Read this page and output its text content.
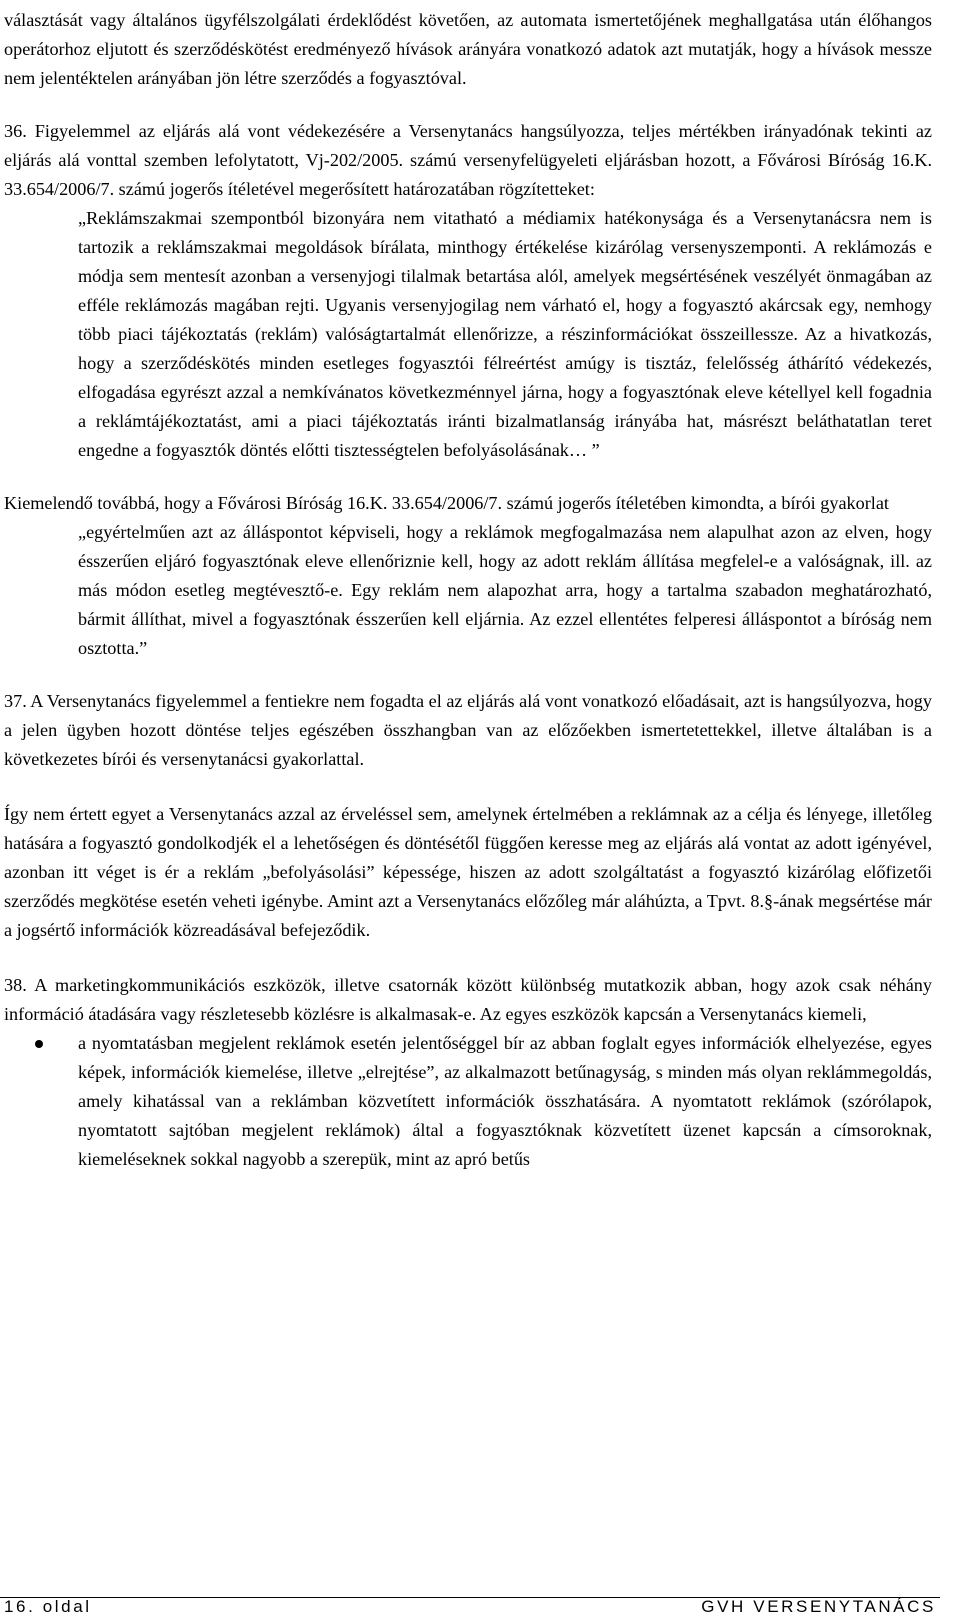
választását vagy általános ügyfélszolgálati érdeklődést követően, az automata ismertetőjének meghallgatása után élőhangos operátorhoz eljutott és szerződéskötést eredményező hívások arányára vonatkozó adatok azt mutatják, hogy a hívások messze nem jelentéktelen arányában jön létre szerződés a fogyasztóval.

36. Figyelemmel az eljárás alá vont védekezésére a Versenytanács hangsúlyozza, teljes mértékben irányadónak tekinti az eljárás alá vonttal szemben lefolytatott, Vj-202/2005. számú versenyfelügyeleti eljárásban hozott, a Fővárosi Bíróság 16.K. 33.654/2006/7. számú jogerős ítéletével megerősített határozatában rögzítetteket:

„Reklámszakmai szempontból bizonyára nem vitatható a médiamix hatékonysága és a Versenytanácsra nem is tartozik a reklámszakmai megoldások bírálata, minthogy értékelése kizárólag versenyszemponti. A reklámozás e módja sem mentesít azonban a versenyjogi tilalmak betartása alól, amelyek megsértésének veszélyét önmagában az efféle reklámozás magában rejti. Ugyanis versenyjogilag nem várható el, hogy a fogyasztó akárcsak egy, nemhogy több piaci tájékoztatás (reklám) valóságtartalmát ellenőrizze, a részinformációkat összeillessze. Az a hivatkozás, hogy a szerződéskötés minden esetleges fogyasztói félreértést amúgy is tisztáz, felelősség áthárító védekezés, elfogadása egyrészt azzal a nemkívánatos következménnyel járna, hogy a fogyasztónak eleve kétellyel kell fogadnia a reklámtájékoztatást, ami a piaci tájékoztatás iránti bizalmatlanság irányába hat, másrészt beláthatatlan teret engedne a fogyasztók döntés előtti tisztességtelen befolyásolásának… ”

Kiemelendő továbbá, hogy a Fővárosi Bíróság 16.K. 33.654/2006/7. számú jogerős ítéletében kimondta, a bírói gyakorlat

„egyértelműen azt az álláspontot képviseli, hogy a reklámok megfogalmazása nem alapulhat azon az elven, hogy ésszerűen eljáró fogyasztónak eleve ellenőriznie kell, hogy az adott reklám állítása megfelel-e a valóságnak, ill. az más módon esetleg megtévesztő-e. Egy reklám nem alapozhat arra, hogy a tartalma szabadon meghatározható, bármit állíthat, mivel a fogyasztónak ésszerűen kell eljárnia. Az ezzel ellentétes felperesi álláspontot a bíróság nem osztotta.”

37. A Versenytanács figyelemmel a fentiekre nem fogadta el az eljárás alá vont vonatkozó előadásait, azt is hangsúlyozva, hogy a jelen ügyben hozott döntése teljes egészében összhangban van az előzőekben ismertetettekkel, illetve általában is a következetes bírói és versenytanácsi gyakorlattal.

Így nem értett egyet a Versenytanács azzal az érveléssel sem, amelynek értelmében a reklámnak az a célja és lényege, illetőleg hatására a fogyasztó gondolkodjék el a lehetőségen és döntésétől függően keresse meg az eljárás alá vontat az adott igényével, azonban itt véget is ér a reklám „befolyásolási” képessége, hiszen az adott szolgáltatást a fogyasztó kizárólag előfizetői szerződés megkötése esetén veheti igénybe. Amint azt a Versenytanács előzőleg már aláhúzta, a Tpvt. 8.§-ának megsértése már a jogsértő információk közreadásával befejeződik.

38. A marketingkommunikációs eszközök, illetve csatornák között különbség mutatkozik abban, hogy azok csak néhány információ átadására vagy részletesebb közlésre is alkalmasak-e. Az egyes eszközök kapcsán a Versenytanács kiemeli,

a nyomtatásban megjelent reklámok esetén jelentőséggel bír az abban foglalt egyes információk elhelyezése, egyes képek, információk kiemelése, illetve „elrejtése”, az alkalmazott betűnagyság, s minden más olyan reklámmegoldás, amely kihatással van a reklámban közvetített információk összhatására. A nyomtatott reklámok (szórólapok, nyomtatott sajtóban megjelent reklámok) által a fogyasztóknak közvetített üzenet kapcsán a címsoroknak, kiemeléseknek sokkal nagyobb a szerepük, mint az apró betűs
16. oldal	GVH VERSENYTANÁCS
